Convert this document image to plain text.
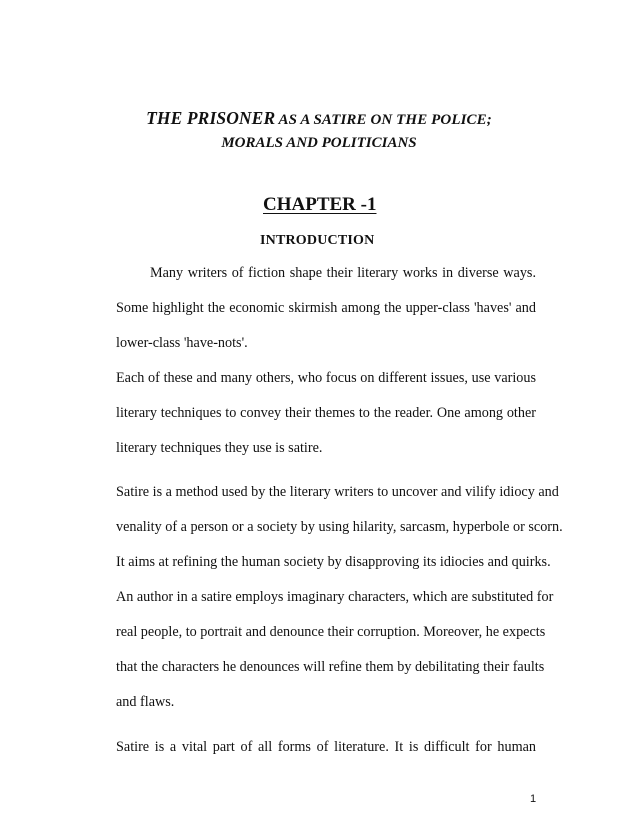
THE PRISONER AS A SATIRE ON THE POLICE;
MORALS AND POLITICIANS
CHAPTER -1
INTRODUCTION
Many writers of fiction shape their literary works in diverse ways.
Some highlight the economic skirmish among the upper-class 'haves' and
lower-class 'have-nots'.
Each of these and many others, who focus on different issues, use various
literary techniques to convey their themes to the reader. One among other
literary techniques they use is satire.
Satire is a method used by the literary writers to uncover and vilify idiocy and
venality of a person or a society by using hilarity, sarcasm, hyperbole or scorn.
It aims at refining the human society by disapproving its idiocies and quirks.
An author in a satire employs imaginary characters, which are substituted for
real people, to portrait and denounce their corruption. Moreover, he expects
that the characters he denounces will refine them by debilitating their faults
and flaws.
Satire is a vital part of all forms of literature. It is difficult for human
1
